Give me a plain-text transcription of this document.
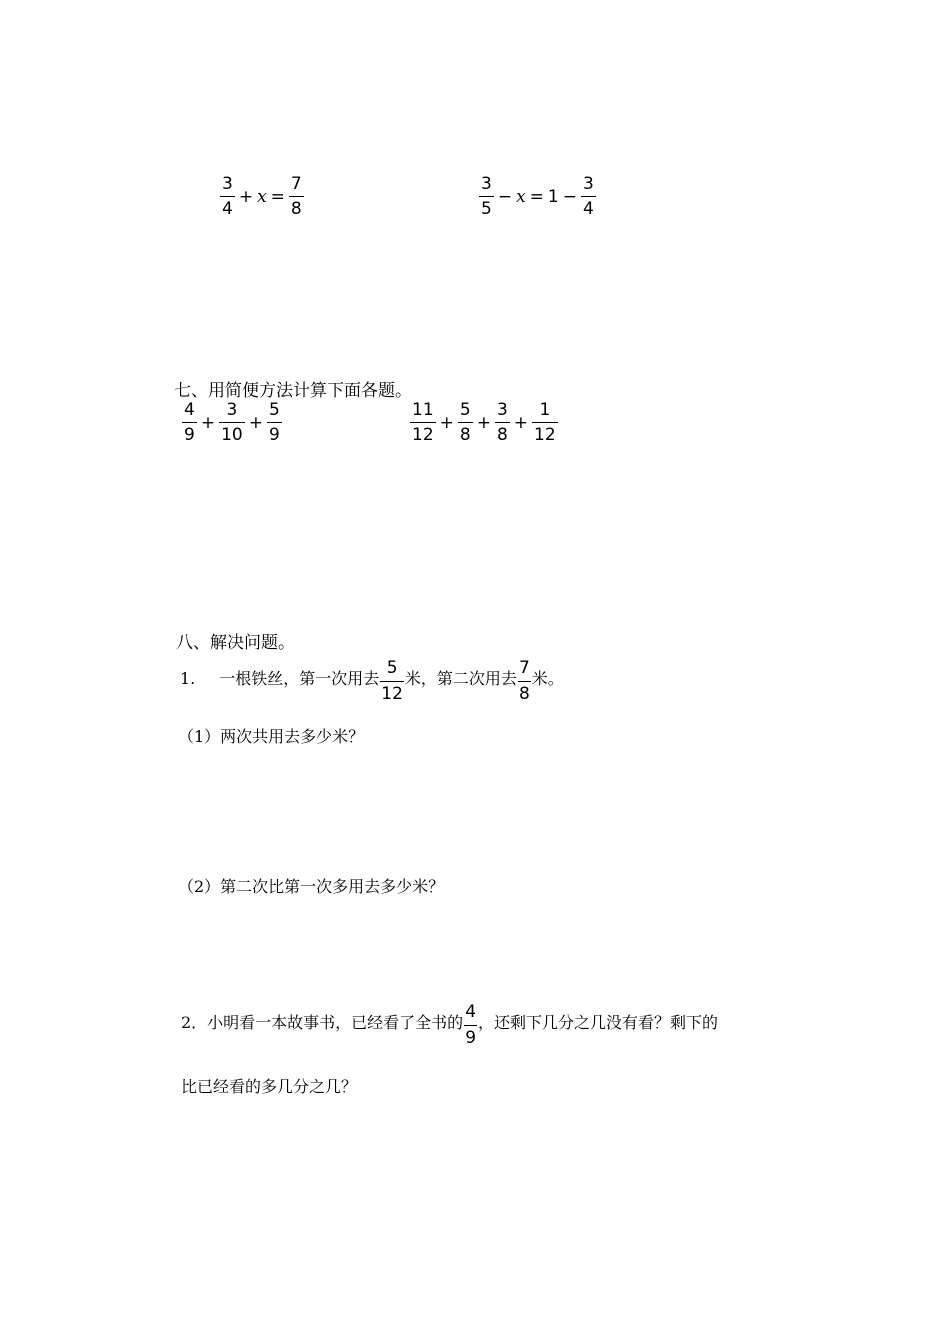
$\frac{3}{4} + x = \frac{7}{8}$	$\frac{3}{5} - x = 1 - \frac{3}{4}$
七、用简便方法计算下面各题。
$\frac{4}{9} + \frac{3}{10} + \frac{5}{9}$	$\frac{11}{12} + \frac{5}{8} + \frac{3}{8} + \frac{1}{12}$
八、解决问题。
1. 一根铁丝，第一次用去 $\frac{5}{12}$ 米，第二次用去 $\frac{7}{8}$ 米。
（1）两次共用去多少米？
（2）第二次比第一次多用去多少米？
2．小明看一本故事书，已经看了全书的 $\frac{4}{9}$ ，还剩下几分之几没有看？剩下的
比已经看的多几分之几？
